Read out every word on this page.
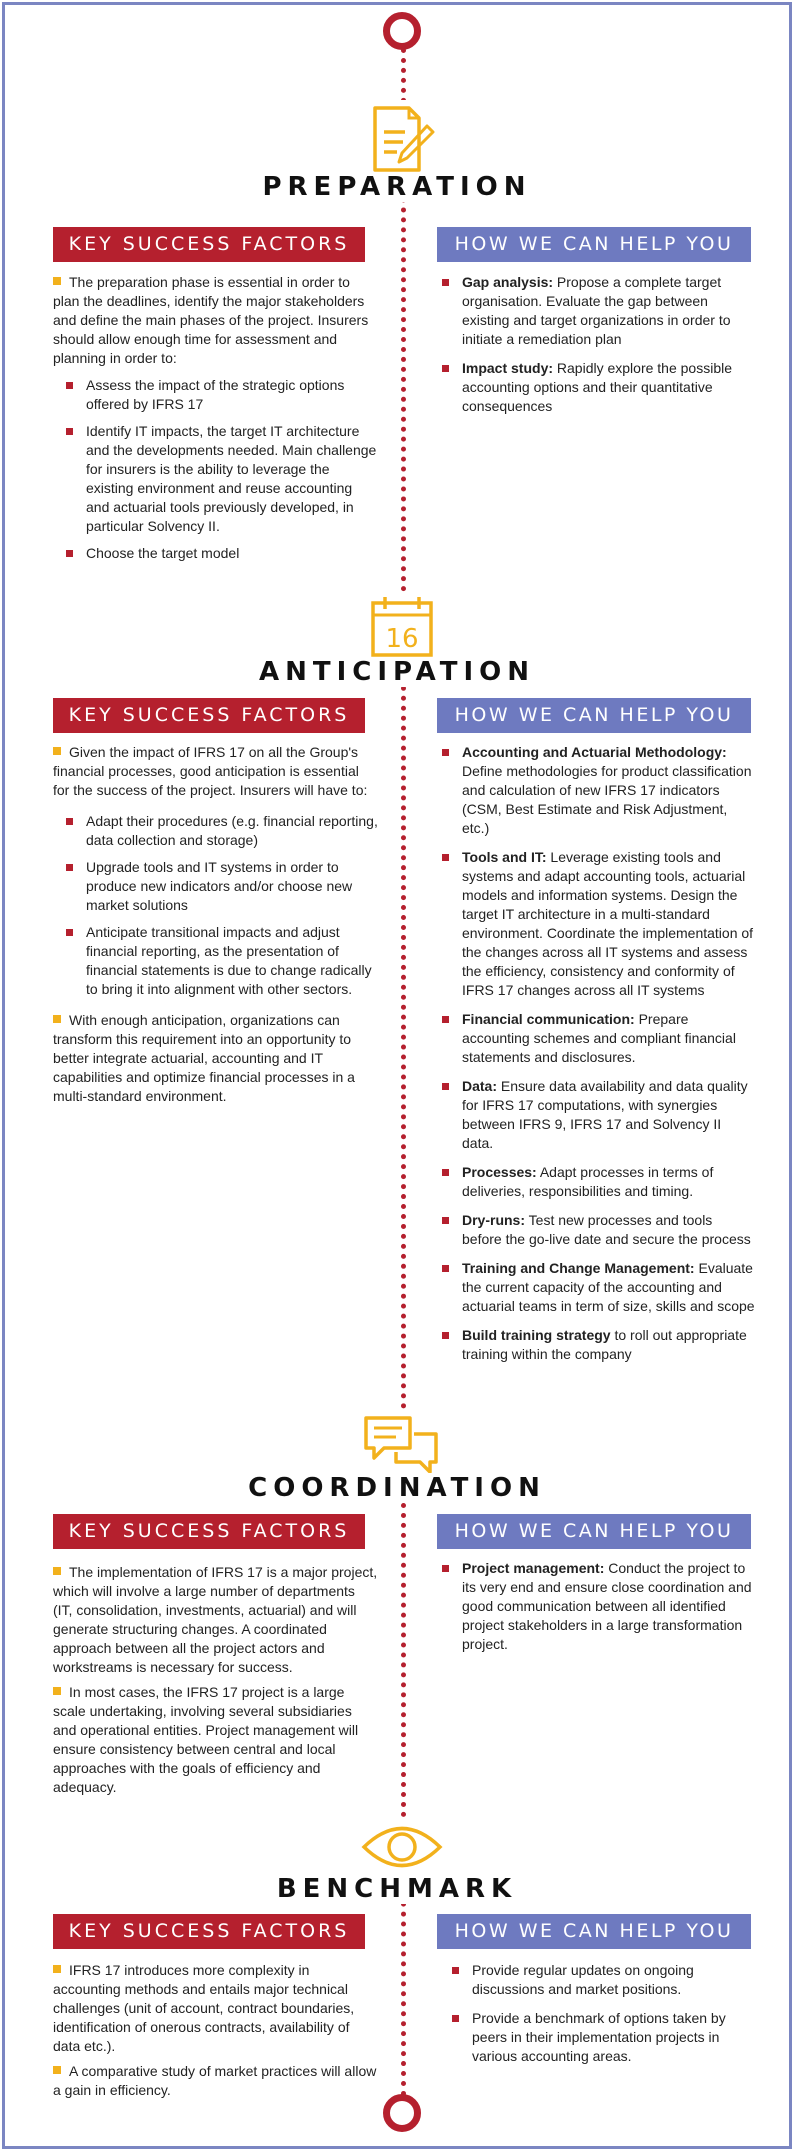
PREPARATION
KEY SUCCESS FACTORS	HOW WE CAN HELP YOU
The preparation phase is essential in order to plan the deadlines, identify the major stakeholders and define the main phases of the project. Insurers should allow enough time for assessment and planning in order to:
Assess the impact of the strategic options offered by IFRS 17
Identify IT impacts, the target IT architecture and the developments needed. Main challenge for insurers is the ability to leverage the existing environment and reuse accounting and actuarial tools previously developed, in particular Solvency II.
Choose the target model
Gap analysis: Propose a complete target organisation. Evaluate the gap between existing and target organizations in order to initiate a remediation plan
Impact study: Rapidly explore the possible accounting options and their quantitative consequences
16
ANTICIPATION
KEY SUCCESS FACTORS	HOW WE CAN HELP YOU
Given the impact of IFRS 17 on all the Group's financial processes, good anticipation is essential for the success of the project. Insurers will have to:
Adapt their procedures (e.g. financial reporting, data collection and storage)
Upgrade tools and IT systems in order to produce new indicators and/or choose new market solutions
Anticipate transitional impacts and adjust financial reporting, as the presentation of financial statements is due to change radically to bring it into alignment with other sectors.
With enough anticipation, organizations can transform this requirement into an opportunity to better integrate actuarial, accounting and IT capabilities and optimize financial processes in a multi-standard environment.
Accounting and Actuarial Methodology: Define methodologies for product classification and calculation of new IFRS 17 indicators (CSM, Best Estimate and Risk Adjustment, etc.)
Tools and IT: Leverage existing tools and systems and adapt accounting tools, actuarial models and information systems. Design the target IT architecture in a multi-standard environment. Coordinate the implementation of the changes across all IT systems and assess the efficiency, consistency and conformity of IFRS 17 changes across all IT systems
Financial communication: Prepare accounting schemes and compliant financial statements and disclosures.
Data: Ensure data availability and data quality for IFRS 17 computations, with synergies between IFRS 9, IFRS 17 and Solvency II data.
Processes: Adapt processes in terms of deliveries, responsibilities and timing.
Dry-runs: Test new processes and tools before the go-live date and secure the process
Training and Change Management: Evaluate the current capacity of the accounting and actuarial teams in term of size, skills and scope
Build training strategy to roll out appropriate training within the company
COORDINATION
KEY SUCCESS FACTORS	HOW WE CAN HELP YOU
The implementation of IFRS 17 is a major project, which will involve a large number of departments (IT, consolidation, investments, actuarial) and will generate structuring changes. A coordinated approach between all the project actors and workstreams is necessary for success.
In most cases, the IFRS 17 project is a large scale undertaking, involving several subsidiaries and operational entities. Project management will ensure consistency between central and local approaches with the goals of efficiency and adequacy.
Project management: Conduct the project to its very end and ensure close coordination and good communication between all identified project stakeholders in a large transformation project.
BENCHMARK
KEY SUCCESS FACTORS	HOW WE CAN HELP YOU
IFRS 17 introduces more complexity in accounting methods and entails major technical challenges (unit of account, contract boundaries, identification of onerous contracts, availability of data etc.).
A comparative study of market practices will allow a gain in efficiency.
Provide regular updates on ongoing discussions and market positions.
Provide a benchmark of options taken by peers in their implementation projects in various accounting areas.
